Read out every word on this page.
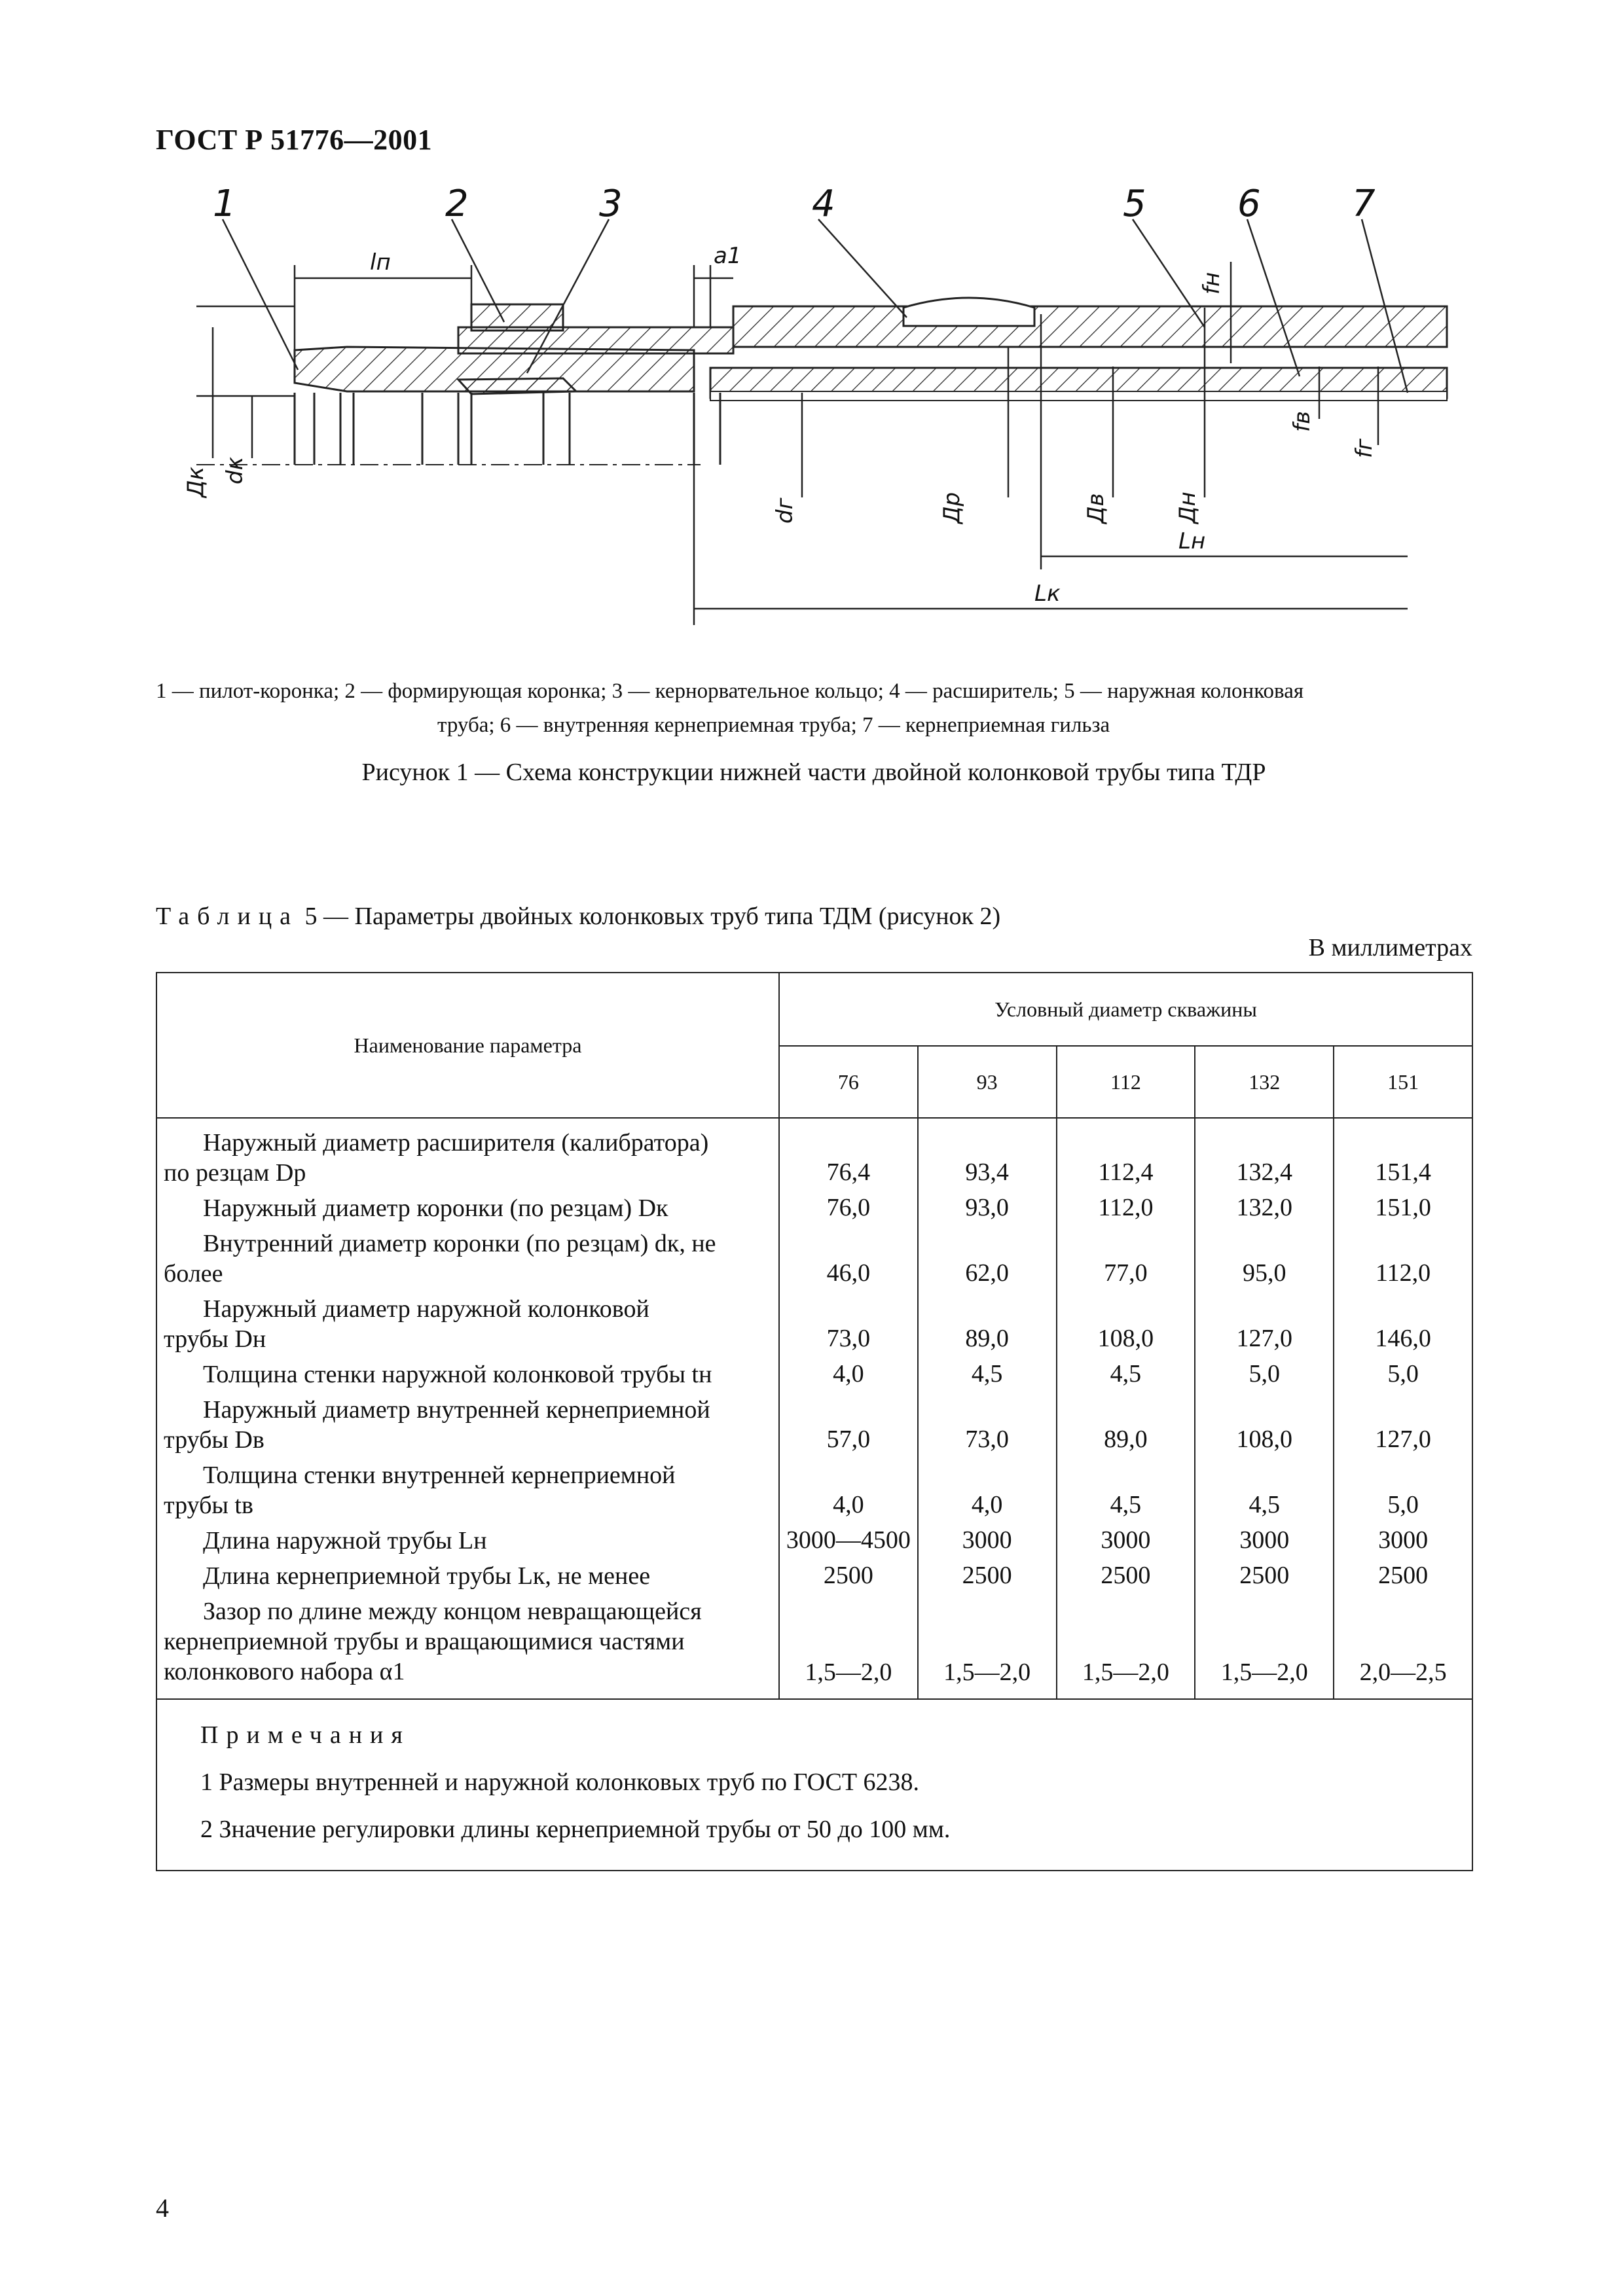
ГОСТ Р 51776—2001
1	2	3	4	5 6 7
lп	a1
fн
fв
fг
Дк dк
dг	Др	Дв	Дн
Lн
Lк
1 — пилот-коронка; 2 — формирующая коронка; 3 — кернорвательное кольцо; 4 — расширитель; 5 — наружная колонковая
труба; 6 — внутренняя кернеприемная труба; 7 — кернеприемная гильза
Рисунок 1 — Схема конструкции нижней части двойной колонковой трубы типа ТДР
Таблица 5 — Параметры двойных колонковых труб типа ТДМ (рисунок 2)
В миллиметрах
Наименование параметра	Условный диаметр скважины				
	76	93	112	132	151
Наружный диаметр расширителя (калибратора)
по резцам Dр	76,4	93,4	112,4	132,4	151,4
Наружный диаметр коронки (по резцам) Dк	76,0	93,0	112,0	132,0	151,0
Внутренний диаметр коронки (по резцам) dк, не
более	46,0	62,0	77,0	95,0	112,0
Наружный диаметр наружной колонковой
трубы Dн	73,0	89,0	108,0	127,0	146,0
Толщина стенки наружной колонковой трубы tн	4,0	4,5	4,5	5,0	5,0
Наружный диаметр внутренней кернеприемной
трубы Dв	57,0	73,0	89,0	108,0	127,0
Толщина стенки внутренней кернеприемной
трубы tв	4,0	4,0	4,5	4,5	5,0
Длина наружной трубы Lн	3000—4500	3000	3000	3000	3000
Длина кернеприемной трубы Lк, не менее	2500	2500	2500	2500	2500
Зазор по длине между концом невращающейся
кернеприемной трубы и вращающимися частями
колонкового набора α1	1,5—2,0	1,5—2,0	1,5—2,0	1,5—2,0	2,0—2,5

Примечания
1 Размеры внутренней и наружной колонковых труб по ГОСТ 6238.
2 Значение регулировки длины кернеприемной трубы от 50 до 100 мм.					
4
